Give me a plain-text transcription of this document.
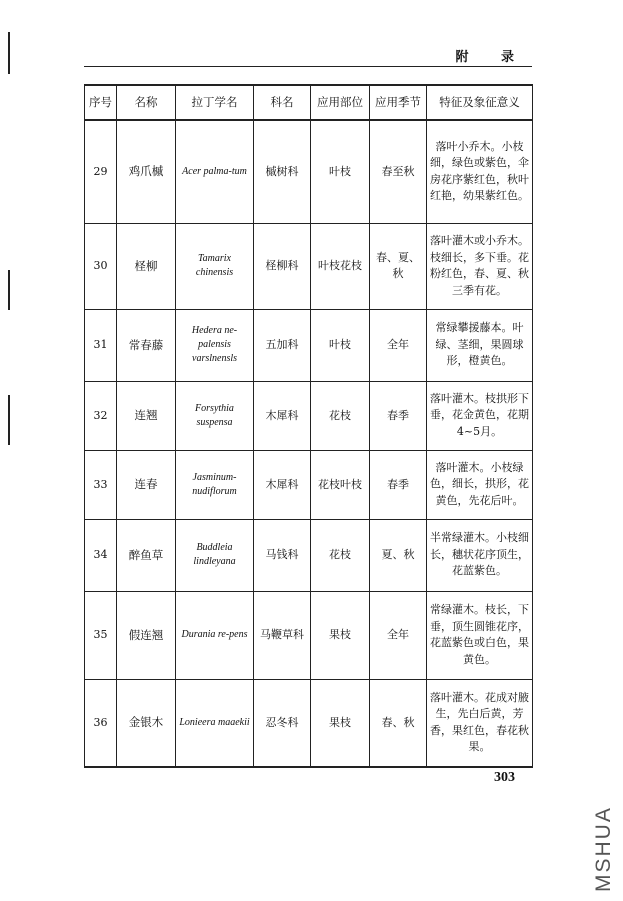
附 录
序号	名称	拉丁学名	科名	应用部位	应用季节	特征及象征意义
29	鸡爪槭	Acer palma-tum	槭树科	叶枝	春至秋	落叶小乔木。小枝细，绿色或紫色，伞房花序紫红色，秋叶红艳，幼果紫红色。
30	柽柳	Tamarix chinensis	柽柳科	叶枝花枝	春、夏、秋	落叶灌木或小乔木。枝细长，多下垂。花粉红色，春、夏、秋三季有花。
31	常春藤	Hedera ne-palensis varslnensls	五加科	叶枝	全年	常绿攀援藤本。叶绿、茎细，果圆球形，橙黄色。
32	连翘	Forsythia suspensa	木犀科	花枝	春季	落叶灌木。枝拱形下垂，花金黄色，花期4~5月。
33	连春	Jasminum-nudiflorum	木犀科	花枝叶枝	春季	落叶灌木。小枝绿色，细长，拱形，花黄色，先花后叶。
34	醉鱼草	Buddleia lindleyana	马钱科	花枝	夏、秋	半常绿灌木。小枝细长，穗状花序顶生，花蓝紫色。
35	假连翘	Durania re-pens	马鞭草科	果枝	全年	常绿灌木。枝长，下垂，顶生圆锥花序，花蓝紫色或白色，果黄色。
36	金银木	Lonieera maaekii	忍冬科	果枝	春、秋	落叶灌木。花成对腋生，先白后黄，芳香，果红色，春花秋果。
303
MSHUA
